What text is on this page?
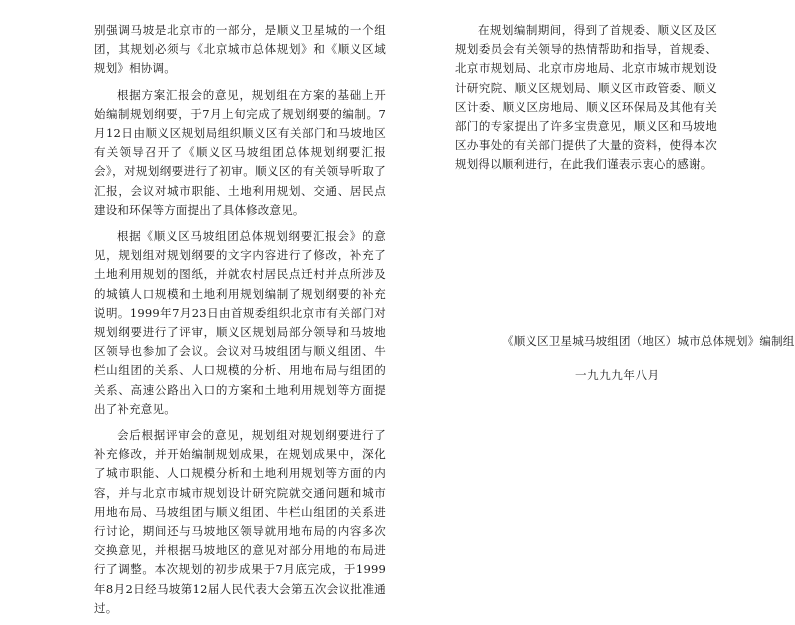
别强调马坡是北京市的一部分，是顺义卫星城的一个组团，其规划必须与《北京城市总体规划》和《顺义区域规划》相协调。

根据方案汇报会的意见，规划组在方案的基础上开始编制规划纲要，于7月上旬完成了规划纲要的编制。7月12日由顺义区规划局组织顺义区有关部门和马坡地区有关领导召开了《顺义区马坡组团总体规划纲要汇报会》，对规划纲要进行了初审。顺义区的有关领导听取了汇报，会议对城市职能、土地利用规划、交通、居民点建设和环保等方面提出了具体修改意见。

根据《顺义区马坡组团总体规划纲要汇报会》的意见，规划组对规划纲要的文字内容进行了修改，补充了土地利用规划的图纸，并就农村居民点迁村并点所涉及的城镇人口规模和土地利用规划编制了规划纲要的补充说明。1999年7月23日由首规委组织北京市有关部门对规划纲要进行了评审，顺义区规划局部分领导和马坡地区领导也参加了会议。会议对马坡组团与顺义组团、牛栏山组团的关系、人口规模的分析、用地布局与组团的关系、高速公路出入口的方案和土地利用规划等方面提出了补充意见。

会后根据评审会的意见，规划组对规划纲要进行了补充修改，并开始编制规划成果，在规划成果中，深化了城市职能、人口规模分析和土地利用规划等方面的内容，并与北京市城市规划设计研究院就交通问题和城市用地布局、马坡组团与顺义组团、牛栏山组团的关系进行讨论，期间还与马坡地区领导就用地布局的内容多次交换意见，并根据马坡地区的意见对部分用地的布局进行了调整。本次规划的初步成果于7月底完成，于1999年8月2日经马坡第12届人民代表大会第五次会议批准通过。

在规划编制期间，得到了首规委、顺义区及区规划委员会有关领导的热情帮助和指导，首规委、北京市规划局、北京市房地局、北京市城市规划设计研究院、顺义区规划局、顺义区市政管委、顺义区计委、顺义区房地局、顺义区环保局及其他有关部门的专家提出了许多宝贵意见，顺义区和马坡地区办事处的有关部门提供了大量的资料，使得本次规划得以顺利进行，在此我们谨表示衷心的感谢。

《顺义区卫星城马坡组团（地区）城市总体规划》编制组
一九九九年八月
